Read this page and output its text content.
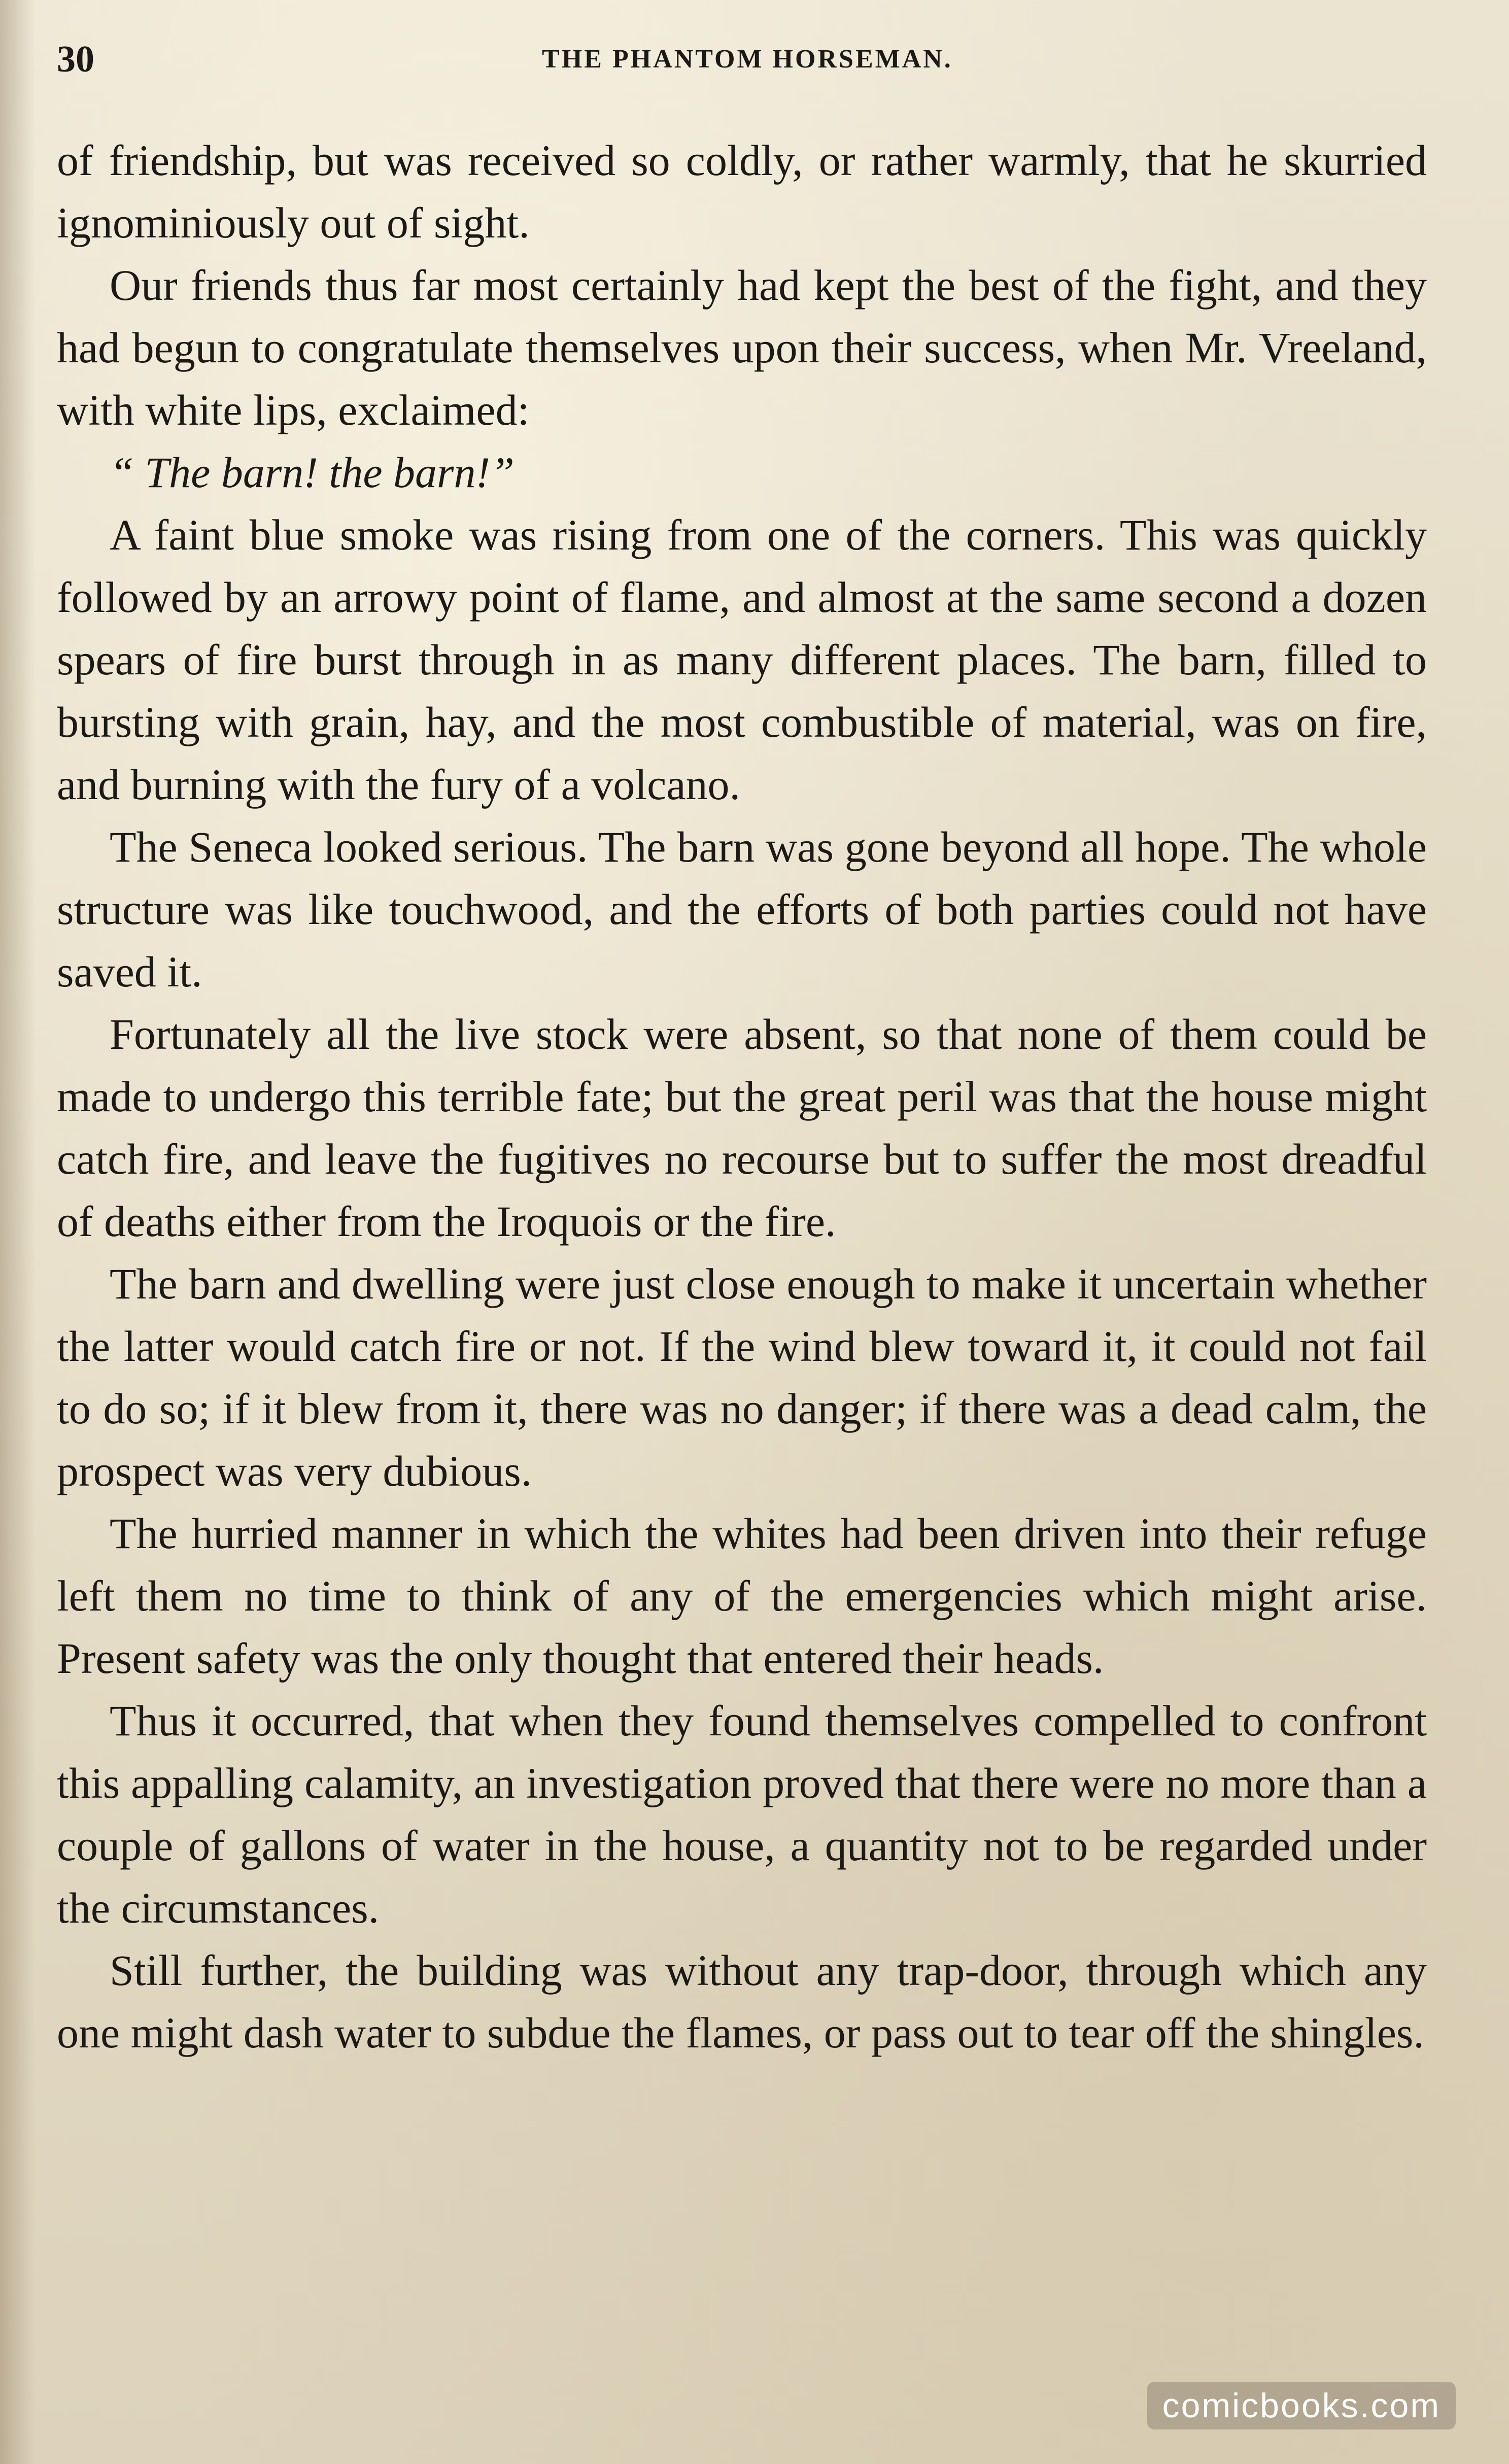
30	THE PHANTOM HORSEMAN.

of friendship, but was received so coldly, or rather warmly, that he skurried ignominiously out of sight.

Our friends thus far most certainly had kept the best of the fight, and they had begun to congratulate themselves upon their success, when Mr. Vreeland, with white lips, exclaimed:

“ The barn! the barn!”

A faint blue smoke was rising from one of the corners. This was quickly followed by an arrowy point of flame, and almost at the same second a dozen spears of fire burst through in as many different places. The barn, filled to bursting with grain, hay, and the most combustible of material, was on fire, and burning with the fury of a volcano.

The Seneca looked serious. The barn was gone beyond all hope. The whole structure was like touchwood, and the efforts of both parties could not have saved it.

Fortunately all the live stock were absent, so that none of them could be made to undergo this terrible fate; but the great peril was that the house might catch fire, and leave the fugitives no recourse but to suffer the most dreadful of deaths either from the Iroquois or the fire.

The barn and dwelling were just close enough to make it uncertain whether the latter would catch fire or not. If the wind blew toward it, it could not fail to do so; if it blew from it, there was no danger; if there was a dead calm, the prospect was very dubious.

The hurried manner in which the whites had been driven into their refuge left them no time to think of any of the emergencies which might arise. Present safety was the only thought that entered their heads.

Thus it occurred, that when they found themselves compelled to confront this appalling calamity, an investigation proved that there were no more than a couple of gallons of water in the house, a quantity not to be regarded under the circumstances.

Still further, the building was without any trap-door, through which any one might dash water to subdue the flames, or pass out to tear off the shingles.

comicbooks.com
